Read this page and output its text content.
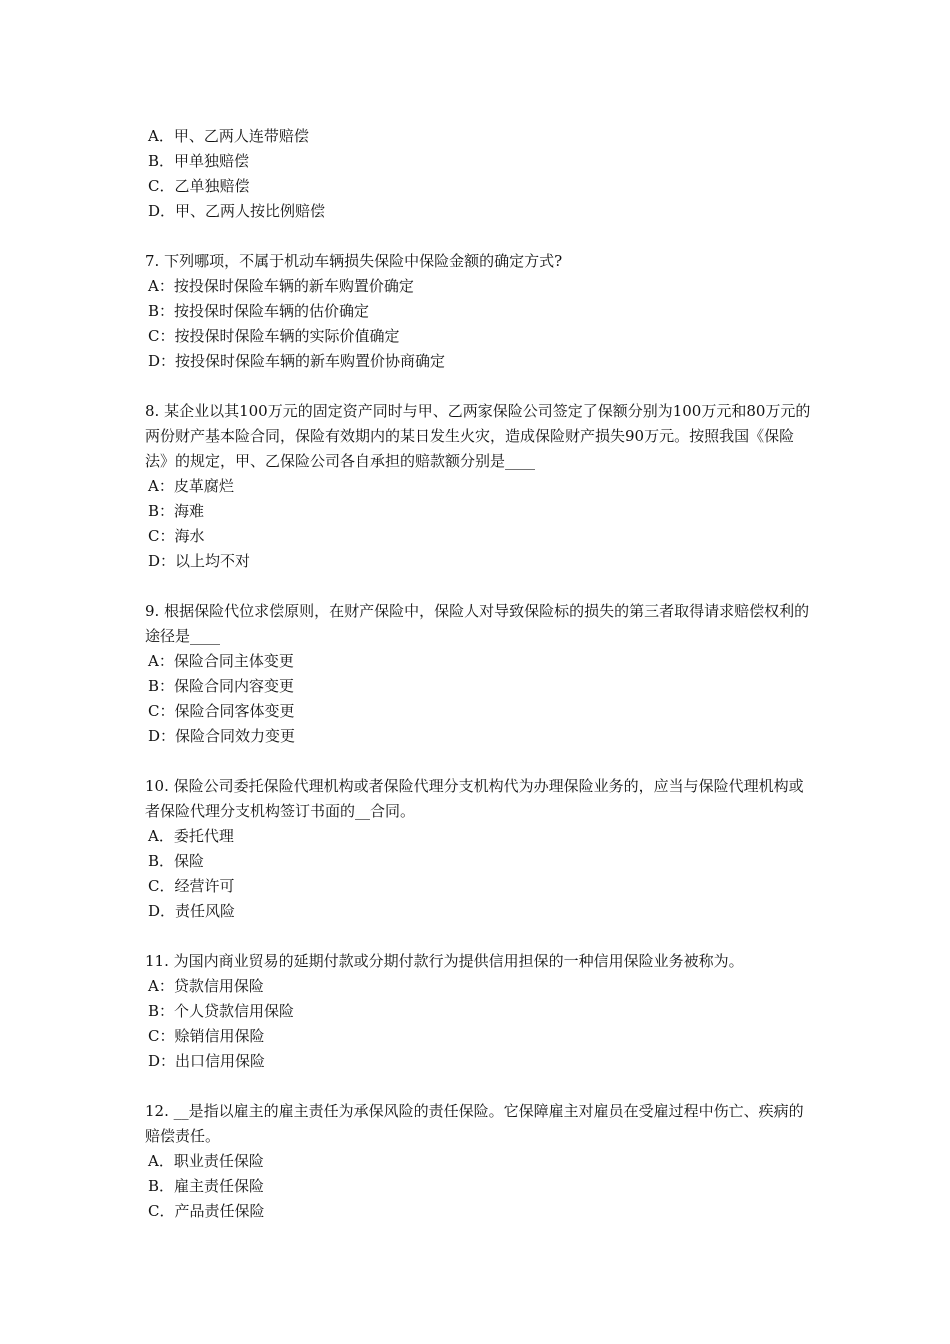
A．甲、乙两人连带赔偿

B．甲单独赔偿

C．乙单独赔偿

D．甲、乙两人按比例赔偿

7. 下列哪项，不属于机动车辆损失保险中保险金额的确定方式?

A：按投保时保险车辆的新车购置价确定

B：按投保时保险车辆的估价确定

C：按投保时保险车辆的实际价值确定

D：按投保时保险车辆的新车购置价协商确定

8. 某企业以其100万元的固定资产同时与甲、乙两家保险公司签定了保额分别为100万元和80万元的两份财产基本险合同，保险有效期内的某日发生火灾，造成保险财产损失90万元。按照我国《保险法》的规定，甲、乙保险公司各自承担的赔款额分别是____

A：皮革腐烂

B：海难

C：海水

D：以上均不对

9. 根据保险代位求偿原则，在财产保险中，保险人对导致保险标的损失的第三者取得请求赔偿权利的途径是____

A：保险合同主体变更

B：保险合同内容变更

C：保险合同客体变更

D：保险合同效力变更

10. 保险公司委托保险代理机构或者保险代理分支机构代为办理保险业务的，应当与保险代理机构或者保险代理分支机构签订书面的__合同。

A．委托代理

B．保险

C．经营许可

D．责任风险

11. 为国内商业贸易的延期付款或分期付款行为提供信用担保的一种信用保险业务被称为。

A：贷款信用保险

B：个人贷款信用保险

C：赊销信用保险

D：出口信用保险

12. __是指以雇主的雇主责任为承保风险的责任保险。它保障雇主对雇员在受雇过程中伤亡、疾病的赔偿责任。

A．职业责任保险

B．雇主责任保险

C．产品责任保险
